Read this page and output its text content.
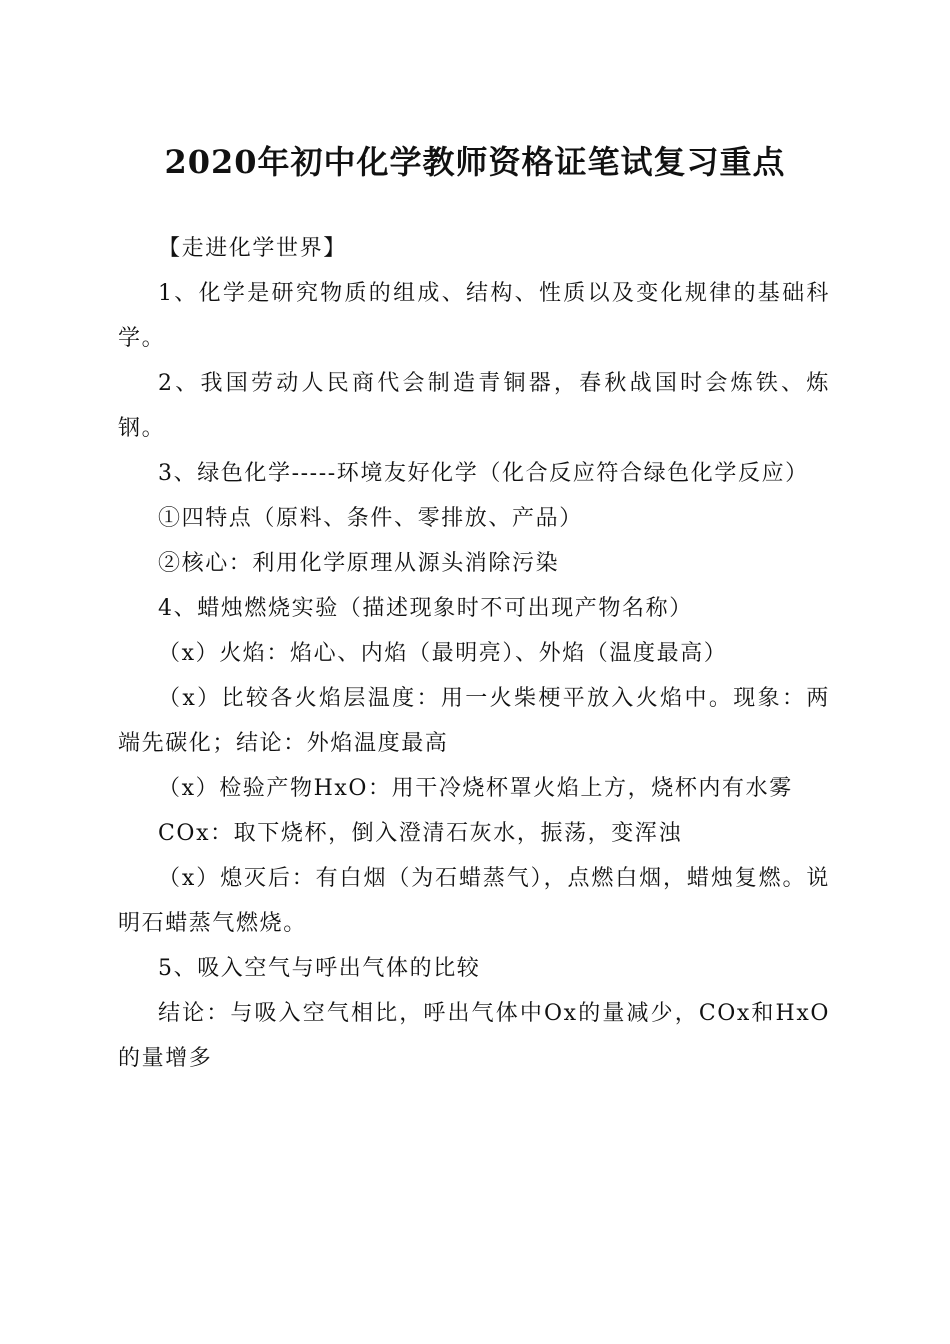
2020年初中化学教师资格证笔试复习重点

【走进化学世界】

1、化学是研究物质的组成、结构、性质以及变化规律的基础科学。

2、我国劳动人民商代会制造青铜器，春秋战国时会炼铁、炼钢。

3、绿色化学-----环境友好化学（化合反应符合绿色化学反应）

①四特点（原料、条件、零排放、产品）

②核心：利用化学原理从源头消除污染

4、蜡烛燃烧实验（描述现象时不可出现产物名称）

（x）火焰：焰心、内焰（最明亮）、外焰（温度最高）

（x）比较各火焰层温度：用一火柴梗平放入火焰中。现象：两端先碳化；结论：外焰温度最高

（x）检验产物HxO：用干冷烧杯罩火焰上方，烧杯内有水雾

COx：取下烧杯，倒入澄清石灰水，振荡，变浑浊

（x）熄灭后：有白烟（为石蜡蒸气），点燃白烟，蜡烛复燃。说明石蜡蒸气燃烧。

5、吸入空气与呼出气体的比较

结论：与吸入空气相比，呼出气体中Ox的量减少，COx和HxO的量增多
